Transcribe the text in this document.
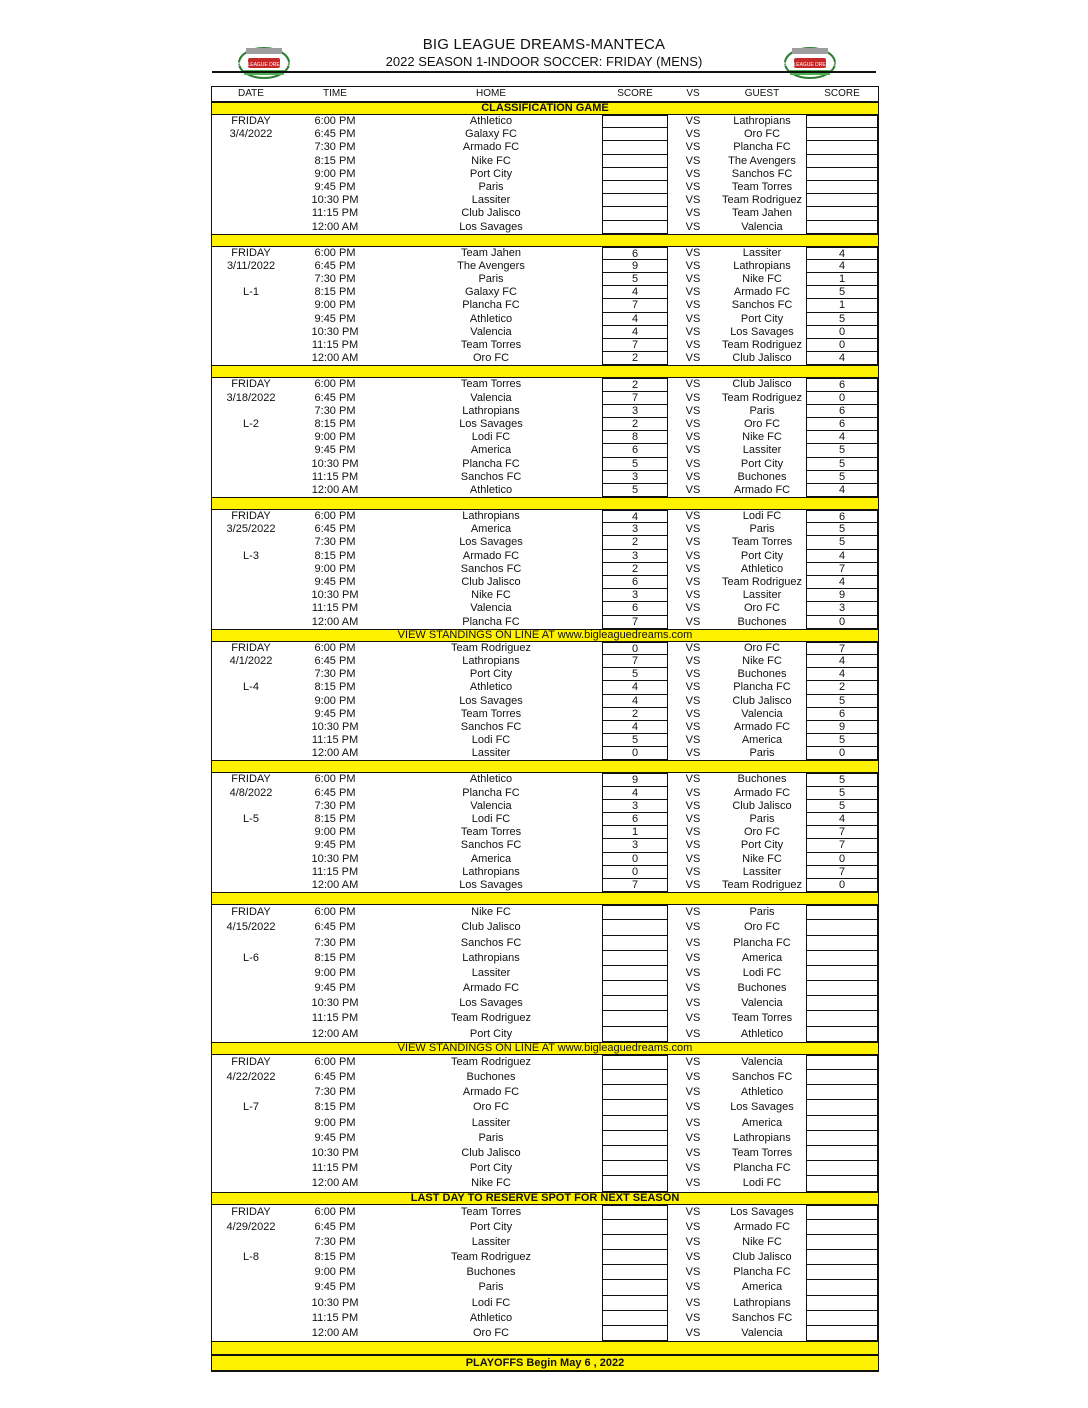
BIG LEAGUE DREAMS	BIG LEAGUE DREAMS
BIG LEAGUE DREAMS-MANTECA
2022 SEASON 1-INDOOR SOCCER: FRIDAY (MENS)
DATE	TIME	HOME	SCORE	VS	GUEST	SCORE
CLASSIFICATION GAME
FRIDAY	6:00 PM	Athletico	VS	Lathropians
3/4/2022	6:45 PM	Galaxy FC	VS	Oro FC
7:30 PM	Armado FC	VS	Plancha FC
8:15 PM	Nike FC	VS	The Avengers
9:00 PM	Port City	VS	Sanchos FC
9:45 PM	Paris	VS	Team Torres
10:30 PM	Lassiter	VS	Team Rodriguez
11:15 PM	Club Jalisco	VS	Team Jahen
12:00 AM	Los Savages	VS	Valencia
FRIDAY	6:00 PM	Team Jahen	6	VS	Lassiter	4
3/11/2022	6:45 PM	The Avengers	9	VS	Lathropians	4
7:30 PM	Paris	5	VS	Nike FC	1
L-1	8:15 PM	Galaxy FC	4	VS	Armado FC	5
9:00 PM	Plancha FC	7	VS	Sanchos FC	1
9:45 PM	Athletico	4	VS	Port City	5
10:30 PM	Valencia	4	VS	Los Savages	0
11:15 PM	Team Torres	7	VS	Team Rodriguez	0
12:00 AM	Oro FC	2	VS	Club Jalisco	4
FRIDAY	6:00 PM	Team Torres	2	VS	Club Jalisco	6
3/18/2022	6:45 PM	Valencia	7	VS	Team Rodriguez	0
7:30 PM	Lathropians	3	VS	Paris	6
L-2	8:15 PM	Los Savages	2	VS	Oro FC	6
9:00 PM	Lodi FC	8	VS	Nike FC	4
9:45 PM	America	6	VS	Lassiter	5
10:30 PM	Plancha FC	5	VS	Port City	5
11:15 PM	Sanchos FC	3	VS	Buchones	5
12:00 AM	Athletico	5	VS	Armado FC	4
FRIDAY	6:00 PM	Lathropians	4	VS	Lodi FC	6
3/25/2022	6:45 PM	America	3	VS	Paris	5
7:30 PM	Los Savages	2	VS	Team Torres	5
L-3	8:15 PM	Armado FC	3	VS	Port City	4
9:00 PM	Sanchos FC	2	VS	Athletico	7
9:45 PM	Club Jalisco	6	VS	Team Rodriguez	4
10:30 PM	Nike FC	3	VS	Lassiter	9
11:15 PM	Valencia	6	VS	Oro FC	3
12:00 AM	Plancha FC	7	VS	Buchones	0
VIEW STANDINGS ON LINE AT www.bigleaguedreams.com
FRIDAY	6:00 PM	Team Rodriguez	0	VS	Oro FC	7
4/1/2022	6:45 PM	Lathropians	7	VS	Nike FC	4
7:30 PM	Port City	5	VS	Buchones	4
L-4	8:15 PM	Athletico	4	VS	Plancha FC	2
9:00 PM	Los Savages	4	VS	Club Jalisco	5
9:45 PM	Team Torres	2	VS	Valencia	6
10:30 PM	Sanchos FC	4	VS	Armado FC	9
11:15 PM	Lodi FC	5	VS	America	5
12:00 AM	Lassiter	0	VS	Paris	0
FRIDAY	6:00 PM	Athletico	9	VS	Buchones	5
4/8/2022	6:45 PM	Plancha FC	4	VS	Armado FC	5
7:30 PM	Valencia	3	VS	Club Jalisco	5
L-5	8:15 PM	Lodi FC	6	VS	Paris	4
9:00 PM	Team Torres	1	VS	Oro FC	7
9:45 PM	Sanchos FC	3	VS	Port City	7
10:30 PM	America	0	VS	Nike FC	0
11:15 PM	Lathropians	0	VS	Lassiter	7
12:00 AM	Los Savages	7	VS	Team Rodriguez	0
FRIDAY	6:00 PM	Nike FC	VS	Paris
4/15/2022	6:45 PM	Club Jalisco	VS	Oro FC
7:30 PM	Sanchos FC	VS	Plancha FC
L-6	8:15 PM	Lathropians	VS	America
9:00 PM	Lassiter	VS	Lodi FC
9:45 PM	Armado FC	VS	Buchones
10:30 PM	Los Savages	VS	Valencia
11:15 PM	Team Rodriguez	VS	Team Torres
12:00 AM	Port City	VS	Athletico
VIEW STANDINGS ON LINE AT www.bigleaguedreams.com
FRIDAY	6:00 PM	Team Rodriguez	VS	Valencia
4/22/2022	6:45 PM	Buchones	VS	Sanchos FC
7:30 PM	Armado FC	VS	Athletico
L-7	8:15 PM	Oro FC	VS	Los Savages
9:00 PM	Lassiter	VS	America
9:45 PM	Paris	VS	Lathropians
10:30 PM	Club Jalisco	VS	Team Torres
11:15 PM	Port City	VS	Plancha FC
12:00 AM	Nike FC	VS	Lodi FC
LAST DAY TO RESERVE SPOT FOR NEXT SEASON
FRIDAY	6:00 PM	Team Torres	VS	Los Savages
4/29/2022	6:45 PM	Port City	VS	Armado FC
7:30 PM	Lassiter	VS	Nike FC
L-8	8:15 PM	Team Rodriguez	VS	Club Jalisco
9:00 PM	Buchones	VS	Plancha FC
9:45 PM	Paris	VS	America
10:30 PM	Lodi FC	VS	Lathropians
11:15 PM	Athletico	VS	Sanchos FC
12:00 AM	Oro FC	VS	Valencia
PLAYOFFS Begin May 6 , 2022
